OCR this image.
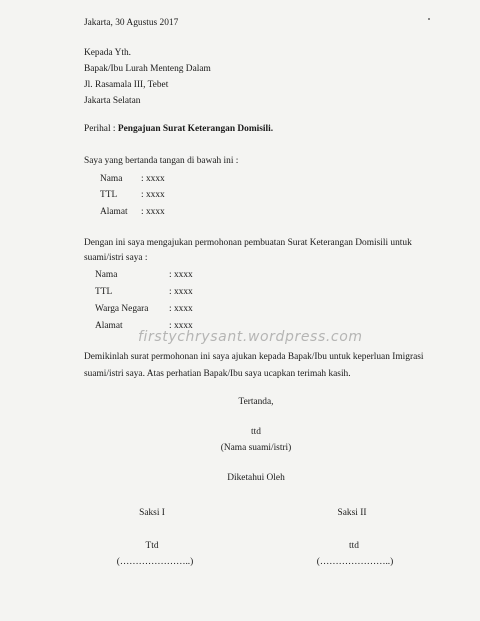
Jakarta, 30 Agustus 2017
Kepada Yth.
Bapak/Ibu Lurah Menteng Dalam
Jl. Rasamala III, Tebet
Jakarta Selatan
Perihal : Pengajuan Surat Keterangan Domisili.
Saya yang bertanda tangan di bawah ini :
Nama : xxxx
TTL	: xxxx
Alamat : xxxx
Dengan ini saya mengajukan permohonan pembuatan Surat Keterangan Domisili untuk
suami/istri saya :
Nama	: xxxx
TTL	: xxxx
Warga Negara : xxxx
Alamat	: xxxx
firstychrysant.wordpress.com
Demikinlah surat permohonan ini saya ajukan kepada Bapak/Ibu untuk keperluan Imigrasi
suami/istri saya. Atas perhatian Bapak/Ibu saya ucapkan terimah kasih.
Tertanda,
ttd
(Nama suami/istri)
Diketahui Oleh
Saksi I	Saksi II
Ttd	ttd
(…………………..)	(…………………..)
